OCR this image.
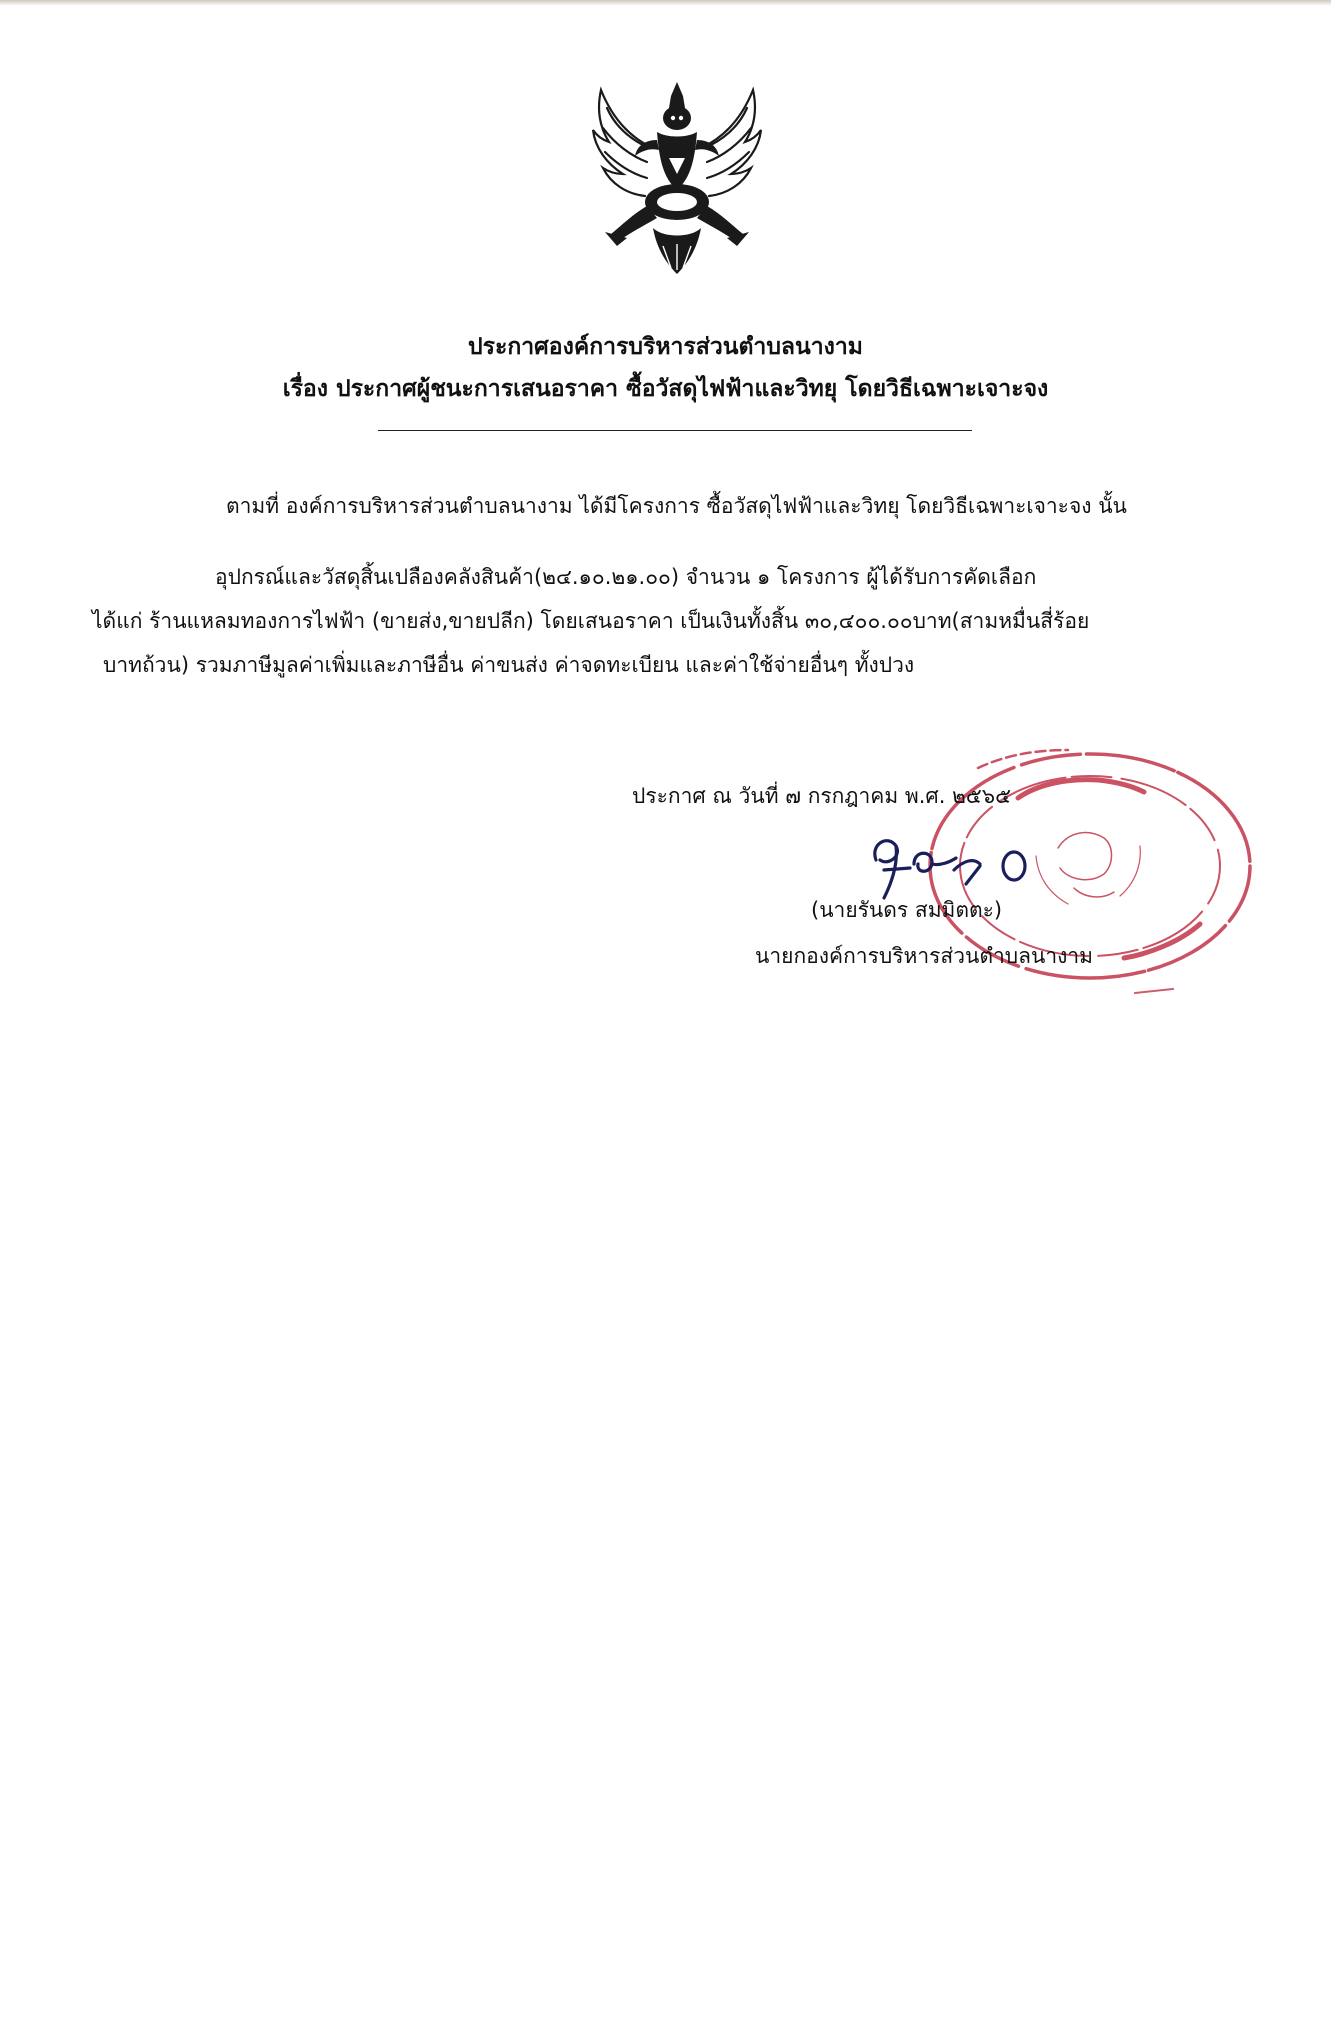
ประกาศองค์การบริหารส่วนตำบลนางาม
เรื่อง ประกาศผู้ชนะการเสนอราคา ซื้อวัสดุไฟฟ้าและวิทยุ โดยวิธีเฉพาะเจาะจง
ตามที่ องค์การบริหารส่วนตำบลนางาม ได้มีโครงการ ซื้อวัสดุไฟฟ้าและวิทยุ โดยวิธีเฉพาะเจาะจง นั้น
อุปกรณ์และวัสดุสิ้นเปลืองคลังสินค้า(๒๔.๑๐.๒๑.๐๐) จำนวน ๑ โครงการ ผู้ได้รับการคัดเลือก
ได้แก่ ร้านแหลมทองการไฟฟ้า (ขายส่ง,ขายปลีก) โดยเสนอราคา เป็นเงินทั้งสิ้น ๓๐,๔๐๐.๐๐บาท(สามหมื่นสี่ร้อย
บาทถ้วน) รวมภาษีมูลค่าเพิ่มและภาษีอื่น ค่าขนส่ง ค่าจดทะเบียน และค่าใช้จ่ายอื่นๆ ทั้งปวง
ประกาศ ณ วันที่ ๗ กรกฎาคม พ.ศ. ๒๕๖๕
(นายรันดร สมมิตตะ)
นายกองค์การบริหารส่วนตำบลนางาม
